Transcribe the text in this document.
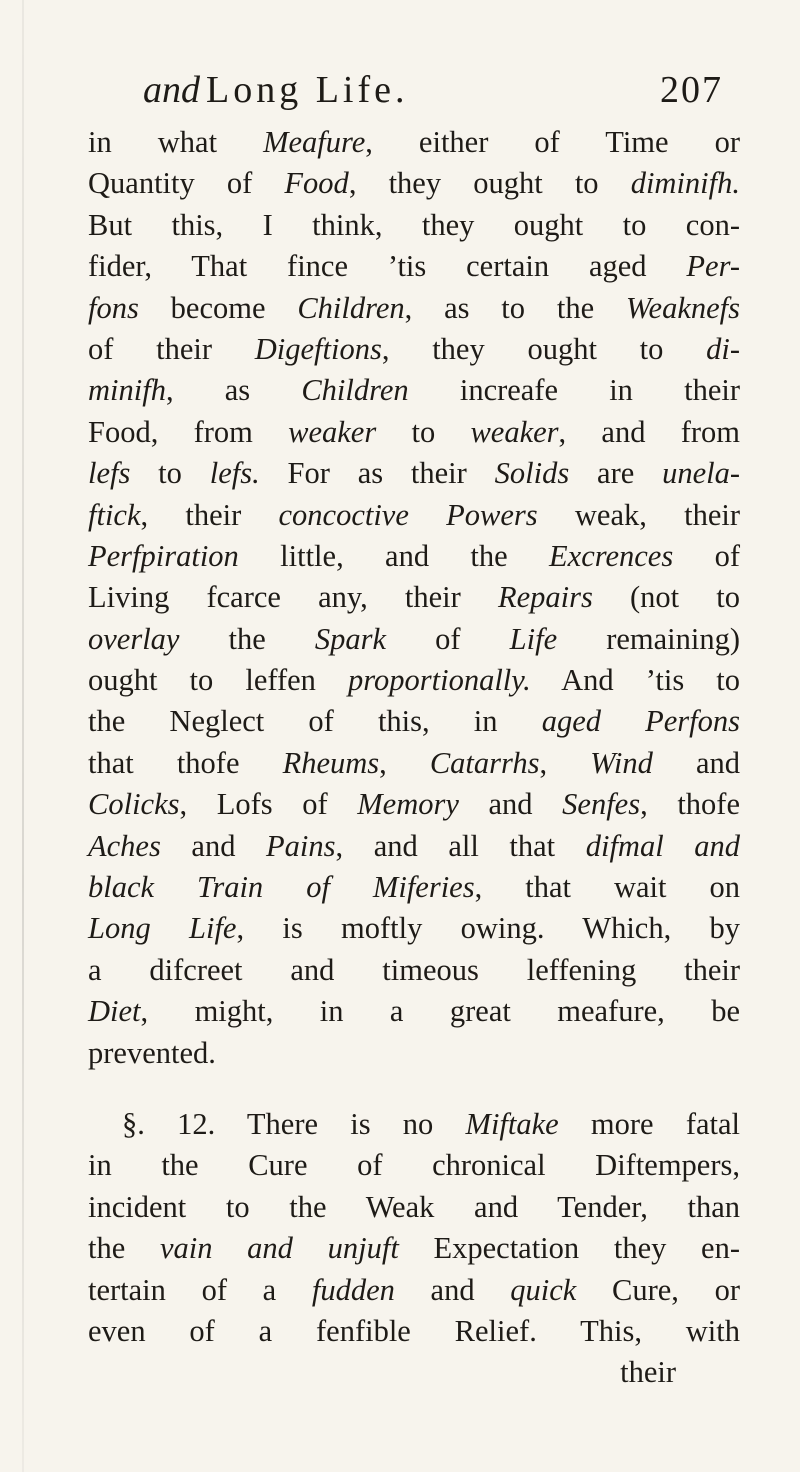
and Long Life.	207
in what Meafure, either of Time or
Quantity of Food, they ought to diminifh.
But this, I think, they ought to con-
fider, That fince ’tis certain aged Per-
fons become Children, as to the Weaknefs
of their Digeftions, they ought to di-
minifh, as Children increafe in their
Food, from weaker to weaker, and from
lefs to lefs. For as their Solids are unela-
ftick, their concoctive Powers weak, their
Perfpiration little, and the Excrences of
Living fcarce any, their Repairs (not to
overlay the Spark of Life remaining)
ought to leffen proportionally. And ’tis to
the Neglect of this, in aged Perfons
that thofe Rheums, Catarrhs, Wind and
Colicks, Lofs of Memory and Senfes, thofe
Aches and Pains, and all that difmal and
black Train of Miferies, that wait on
Long Life, is moftly owing. Which, by
a difcreet and timeous leffening their
Diet, might, in a great meafure, be
prevented.
§. 12. There is no Miftake more fatal
in the Cure of chronical Diftempers,
incident to the Weak and Tender, than
the vain and unjuft Expectation they en-
tertain of a fudden and quick Cure, or
even of a fenfible Relief. This, with
their
